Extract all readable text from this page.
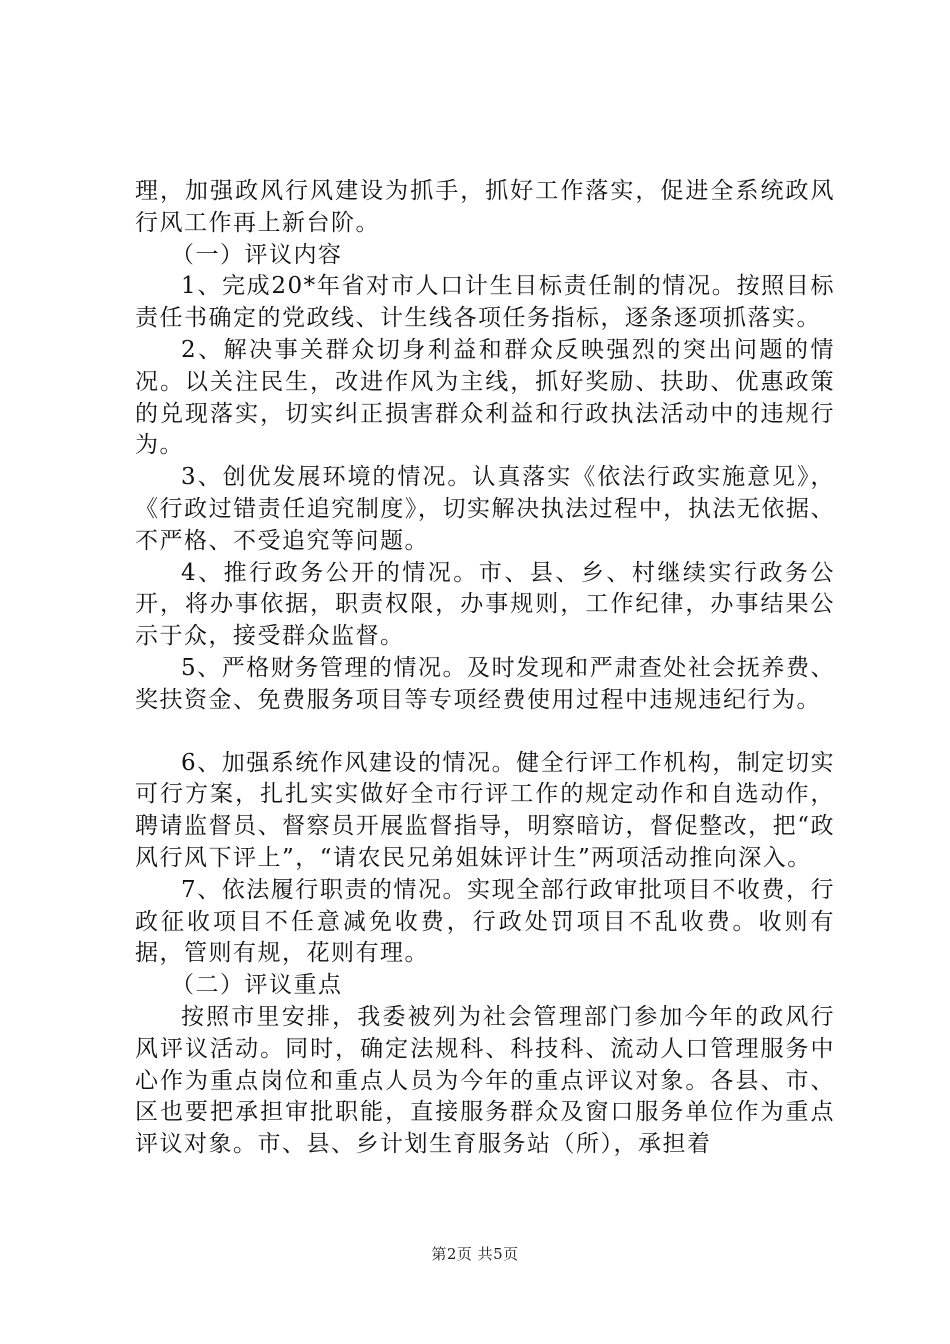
理，加强政风行风建设为抓手，抓好工作落实，促进全系统政风行风工作再上新台阶。

（一）评议内容

1、完成20*年省对市人口计生目标责任制的情况。按照目标责任书确定的党政线、计生线各项任务指标，逐条逐项抓落实。

2、解决事关群众切身利益和群众反映强烈的突出问题的情况。以关注民生，改进作风为主线，抓好奖励、扶助、优惠政策的兑现落实，切实纠正损害群众利益和行政执法活动中的违规行为。

3、创优发展环境的情况。认真落实《依法行政实施意见》，《行政过错责任追究制度》，切实解决执法过程中，执法无依据、不严格、不受追究等问题。

4、推行政务公开的情况。市、县、乡、村继续实行政务公开，将办事依据，职责权限，办事规则，工作纪律，办事结果公示于众，接受群众监督。

5、严格财务管理的情况。及时发现和严肃查处社会抚养费、奖扶资金、免费服务项目等专项经费使用过程中违规违纪行为。

6、加强系统作风建设的情况。健全行评工作机构，制定切实可行方案，扎扎实实做好全市行评工作的规定动作和自选动作，聘请监督员、督察员开展监督指导，明察暗访，督促整改，把“政风行风下评上”，“请农民兄弟姐妹评计生”两项活动推向深入。

7、依法履行职责的情况。实现全部行政审批项目不收费，行政征收项目不任意减免收费，行政处罚项目不乱收费。收则有据，管则有规，花则有理。

（二）评议重点

按照市里安排，我委被列为社会管理部门参加今年的政风行风评议活动。同时，确定法规科、科技科、流动人口管理服务中心作为重点岗位和重点人员为今年的重点评议对象。各县、市、区也要把承担审批职能，直接服务群众及窗口服务单位作为重点评议对象。市、县、乡计划生育服务站（所），承担着

第2页 共5页
